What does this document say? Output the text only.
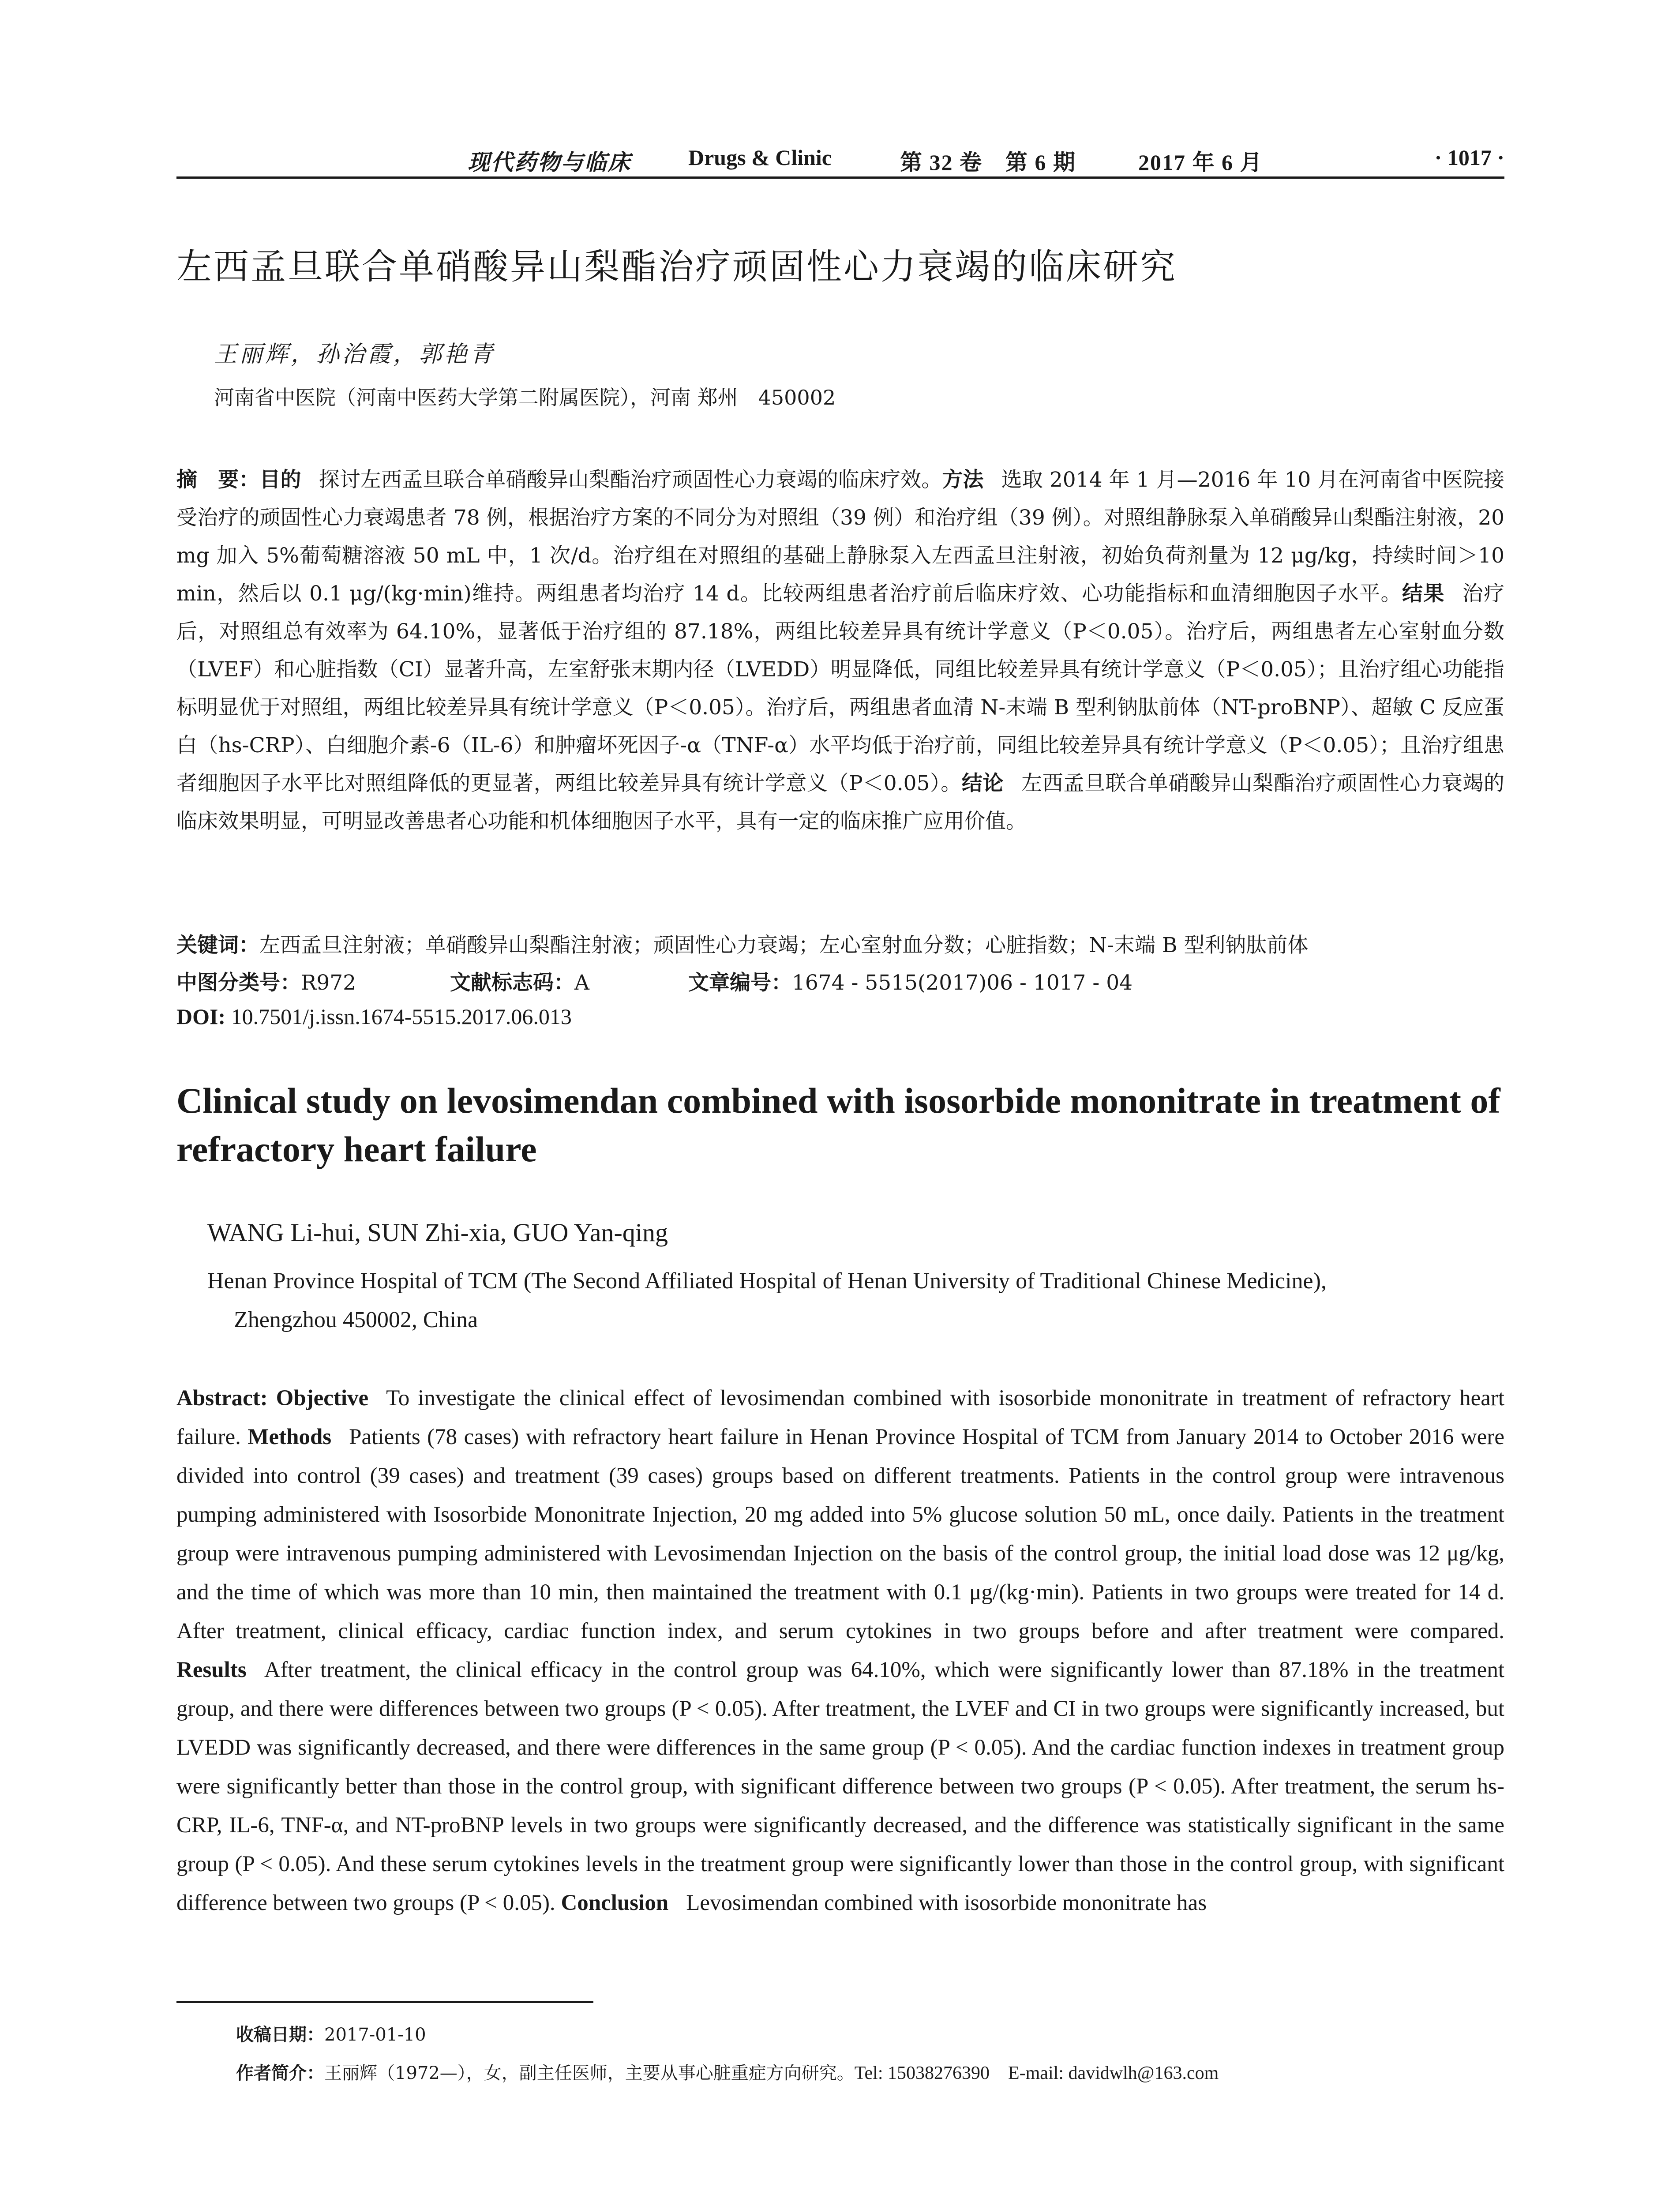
现代药物与临床	Drugs & Clinic	第 32 卷　第 6 期	2017 年 6 月	· 1017 ·
左西孟旦联合单硝酸异山梨酯治疗顽固性心力衰竭的临床研究
王丽辉，孙治霞，郭艳青
河南省中医院（河南中医药大学第二附属医院），河南 郑州　450002
摘　要：目的 探讨左西孟旦联合单硝酸异山梨酯治疗顽固性心力衰竭的临床疗效。方法 选取 2014 年 1 月—2016 年 10 月在河南省中医院接受治疗的顽固性心力衰竭患者 78 例，根据治疗方案的不同分为对照组（39 例）和治疗组（39 例）。对照组静脉泵入单硝酸异山梨酯注射液，20 mg 加入 5%葡萄糖溶液 50 mL 中，1 次/d。治疗组在对照组的基础上静脉泵入左西孟旦注射液，初始负荷剂量为 12 μg/kg，持续时间＞10 min，然后以 0.1 μg/(kg·min)维持。两组患者均治疗 14 d。比较两组患者治疗前后临床疗效、心功能指标和血清细胞因子水平。结果 治疗后，对照组总有效率为 64.10%，显著低于治疗组的 87.18%，两组比较差异具有统计学意义（P＜0.05）。治疗后，两组患者左心室射血分数（LVEF）和心脏指数（CI）显著升高，左室舒张末期内径（LVEDD）明显降低，同组比较差异具有统计学意义（P＜0.05）；且治疗组心功能指标明显优于对照组，两组比较差异具有统计学意义（P＜0.05）。治疗后，两组患者血清 N-末端 B 型利钠肽前体（NT-proBNP）、超敏 C 反应蛋白（hs-CRP）、白细胞介素-6（IL-6）和肿瘤坏死因子-α（TNF-α）水平均低于治疗前，同组比较差异具有统计学意义（P＜0.05）；且治疗组患者细胞因子水平比对照组降低的更显著，两组比较差异具有统计学意义（P＜0.05）。结论 左西孟旦联合单硝酸异山梨酯治疗顽固性心力衰竭的临床效果明显，可明显改善患者心功能和机体细胞因子水平，具有一定的临床推广应用价值。
关键词：左西孟旦注射液；单硝酸异山梨酯注射液；顽固性心力衰竭；左心室射血分数；心脏指数；N-末端 B 型利钠肽前体
中图分类号：R972	文献标志码：A	文章编号：1674 - 5515(2017)06 - 1017 - 04
DOI: 10.7501/j.issn.1674-5515.2017.06.013
Clinical study on levosimendan combined with isosorbide mononitrate in treatment of refractory heart failure
WANG Li-hui, SUN Zhi-xia, GUO Yan-qing
Henan Province Hospital of TCM (The Second Affiliated Hospital of Henan University of Traditional Chinese Medicine),
Zhengzhou 450002, China
Abstract: Objective To investigate the clinical effect of levosimendan combined with isosorbide mononitrate in treatment of refractory heart failure. Methods Patients (78 cases) with refractory heart failure in Henan Province Hospital of TCM from January 2014 to October 2016 were divided into control (39 cases) and treatment (39 cases) groups based on different treatments. Patients in the control group were intravenous pumping administered with Isosorbide Mononitrate Injection, 20 mg added into 5% glucose solution 50 mL, once daily. Patients in the treatment group were intravenous pumping administered with Levosimendan Injection on the basis of the control group, the initial load dose was 12 μg/kg, and the time of which was more than 10 min, then maintained the treatment with 0.1 μg/(kg·min). Patients in two groups were treated for 14 d. After treatment, clinical efficacy, cardiac function index, and serum cytokines in two groups before and after treatment were compared. Results After treatment, the clinical efficacy in the control group was 64.10%, which were significantly lower than 87.18% in the treatment group, and there were differences between two groups (P < 0.05). After treatment, the LVEF and CI in two groups were significantly increased, but LVEDD was significantly decreased, and there were differences in the same group (P < 0.05). And the cardiac function indexes in treatment group were significantly better than those in the control group, with significant difference between two groups (P < 0.05). After treatment, the serum hs-CRP, IL-6, TNF-α, and NT-proBNP levels in two groups were significantly decreased, and the difference was statistically significant in the same group (P < 0.05). And these serum cytokines levels in the treatment group were significantly lower than those in the control group, with significant difference between two groups (P < 0.05). Conclusion Levosimendan combined with isosorbide mononitrate has
收稿日期：2017-01-10
作者简介：王丽辉（1972—），女，副主任医师，主要从事心脏重症方向研究。Tel: 15038276390　E-mail: davidwlh@163.com
